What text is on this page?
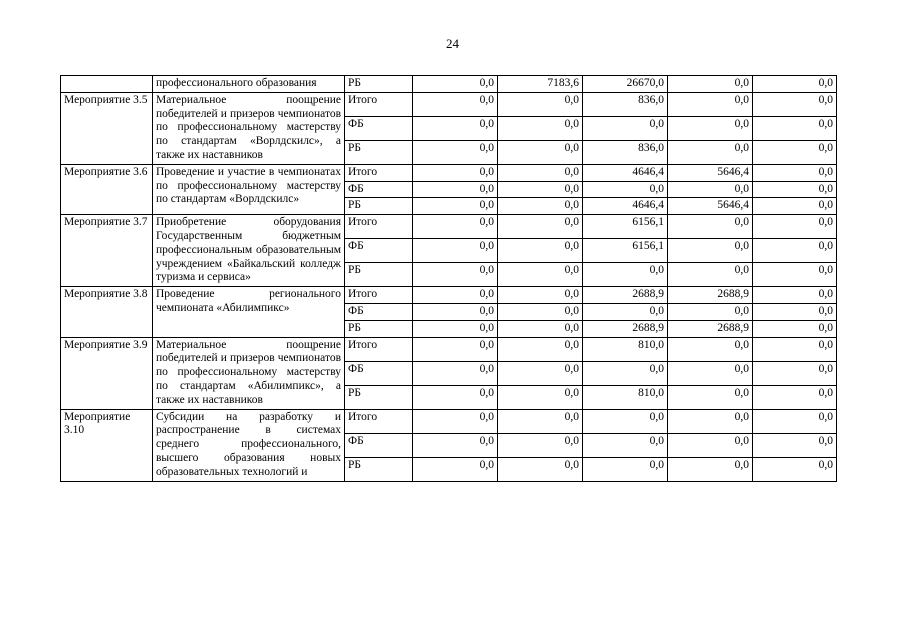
24
	профессионального образования	РБ	0,0	7183,6	26670,0	0,0	0,0
Мероприятие 3.5	Материальное поощрение победителей и призеров чемпионатов по профессиональному мастерству по стандартам «Ворлдскилс», а также их наставников	Итого	0,0	0,0	836,0	0,0	0,0
		ФБ	0,0	0,0	0,0	0,0	0,0
		РБ	0,0	0,0	836,0	0,0	0,0
Мероприятие 3.6	Проведение и участие в чемпионатах по профессиональному мастерству по стандартам «Ворлдскилс»	Итого	0,0	0,0	4646,4	5646,4	0,0
		ФБ	0,0	0,0	0,0	0,0	0,0
		РБ	0,0	0,0	4646,4	5646,4	0,0
Мероприятие 3.7	Приобретение оборудования Государственным бюджетным профессиональным образовательным учреждением «Байкальский колледж туризма и сервиса»	Итого	0,0	0,0	6156,1	0,0	0,0
		ФБ	0,0	0,0	6156,1	0,0	0,0
		РБ	0,0	0,0	0,0	0,0	0,0
Мероприятие 3.8	Проведение регионального чемпионата «Абилимпикс»	Итого	0,0	0,0	2688,9	2688,9	0,0
		ФБ	0,0	0,0	0,0	0,0	0,0
		РБ	0,0	0,0	2688,9	2688,9	0,0
Мероприятие 3.9	Материальное поощрение победителей и призеров чемпионатов по профессиональному мастерству по стандартам «Абилимпикс», а также их наставников	Итого	0,0	0,0	810,0	0,0	0,0
		ФБ	0,0	0,0	0,0	0,0	0,0
		РБ	0,0	0,0	810,0	0,0	0,0
Мероприятие 3.10	Субсидии на разработку и распространение в системах среднего профессионального, высшего образования новых образовательных технологий и	Итого	0,0	0,0	0,0	0,0	0,0
		ФБ	0,0	0,0	0,0	0,0	0,0
		РБ	0,0	0,0	0,0	0,0	0,0
